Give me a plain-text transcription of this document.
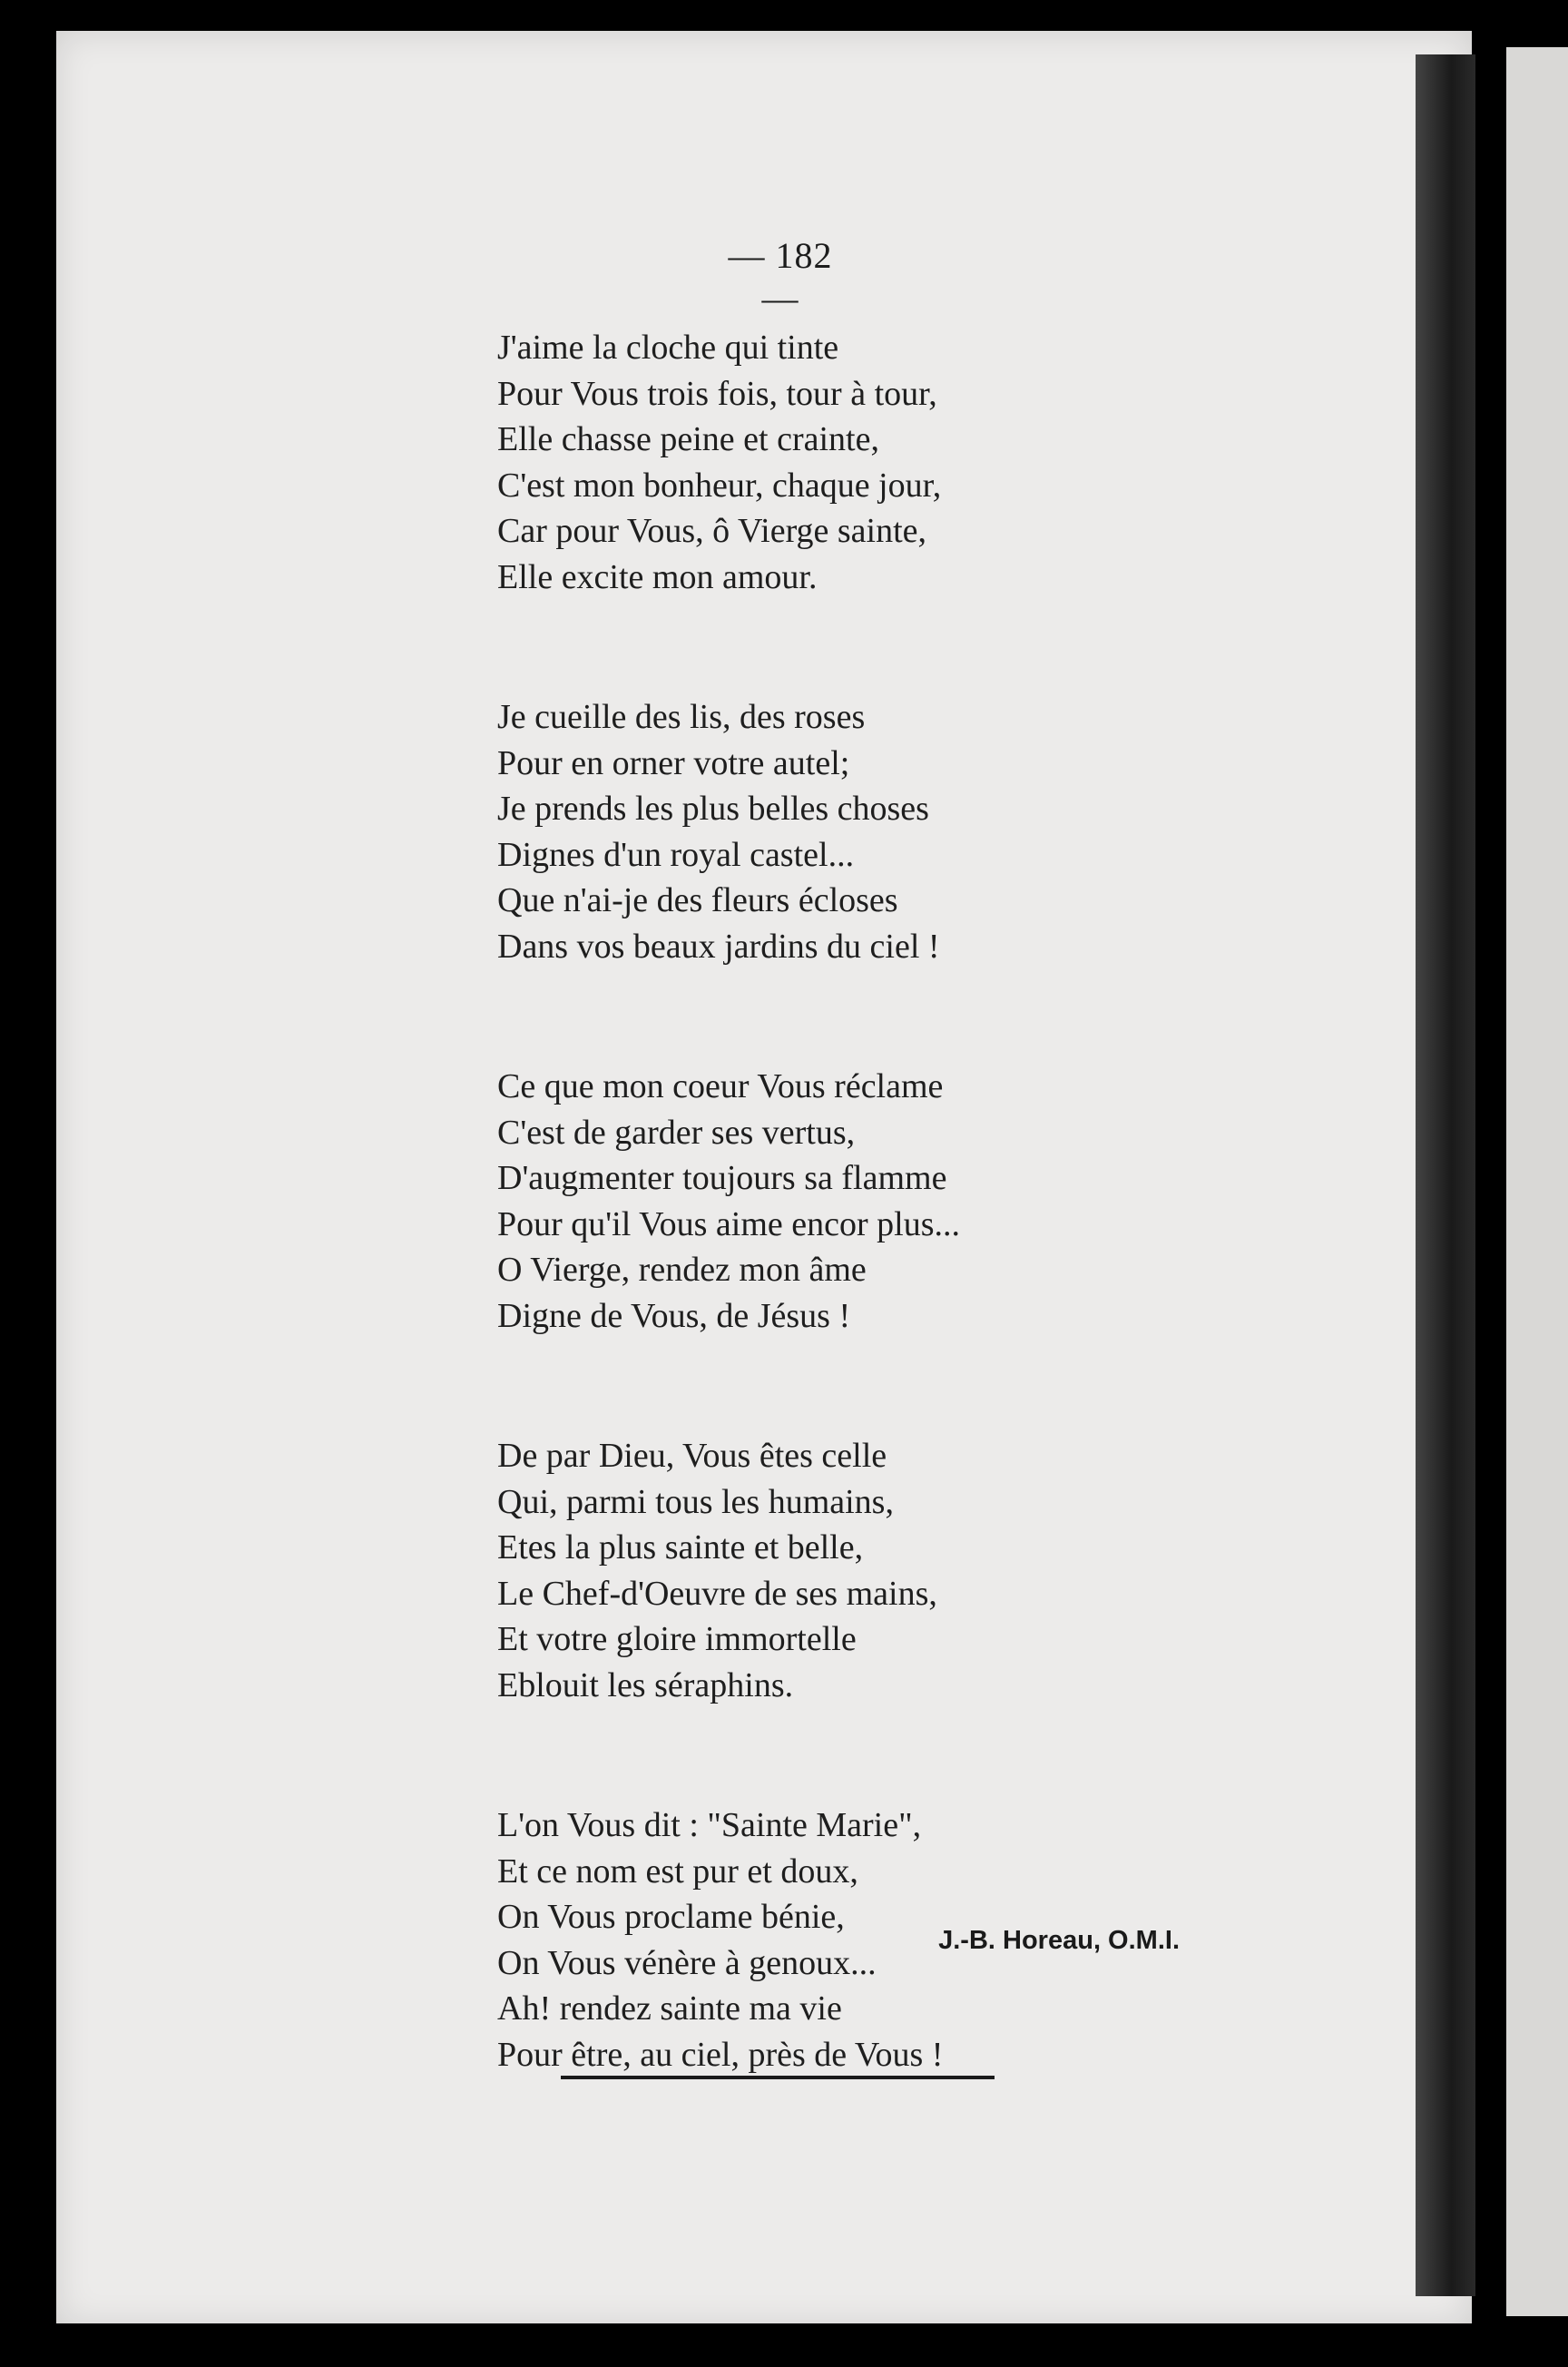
— 182 —
J'aime la cloche qui tinte
Pour Vous trois fois, tour à tour,
Elle chasse peine et crainte,
C'est mon bonheur, chaque jour,
Car pour Vous, ô Vierge sainte,
Elle excite mon amour.
Je cueille des lis, des roses
Pour en orner votre autel;
Je prends les plus belles choses
Dignes d'un royal castel...
Que n'ai-je des fleurs écloses
Dans vos beaux jardins du ciel !
Ce que mon coeur Vous réclame
C'est de garder ses vertus,
D'augmenter toujours sa flamme
Pour qu'il Vous aime encor plus...
O Vierge, rendez mon âme
Digne de Vous, de Jésus !
De par Dieu, Vous êtes celle
Qui, parmi tous les humains,
Etes la plus sainte et belle,
Le Chef-d'Oeuvre de ses mains,
Et votre gloire immortelle
Eblouit les séraphins.
L'on Vous dit : "Sainte Marie",
Et ce nom est pur et doux,
On Vous proclame bénie,
On Vous vénère à genoux...
Ah! rendez sainte ma vie
Pour être, au ciel, près de Vous !
J.-B. Horeau, O.M.I.
